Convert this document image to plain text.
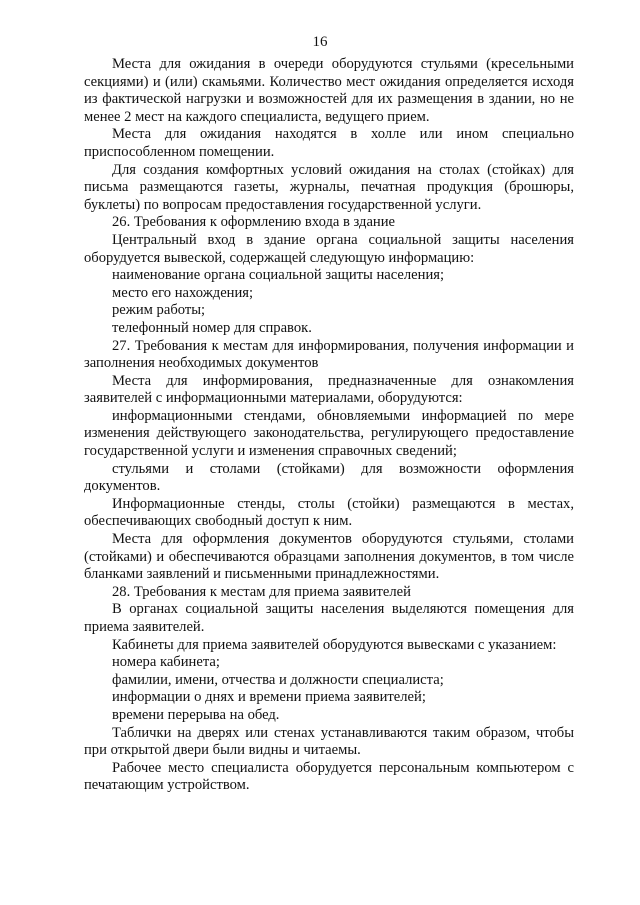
16

Места для ожидания в очереди оборудуются стульями (кресельными секциями) и (или) скамьями. Количество мест ожидания определяется исходя из фактической нагрузки и возможностей для их размещения в здании, но не менее 2 мест на каждого специалиста, ведущего прием.

Места для ожидания находятся в холле или ином специально приспособленном помещении.

Для создания комфортных условий ожидания на столах (стойках) для письма размещаются газеты, журналы, печатная продукция (брошюры, буклеты) по вопросам предоставления государственной услуги.

26. Требования к оформлению входа в здание

Центральный вход в здание органа социальной защиты населения оборудуется вывеской, содержащей следующую информацию:

наименование органа социальной защиты населения;

место его нахождения;

режим работы;

телефонный номер для справок.

27. Требования к местам для информирования, получения информации и заполнения необходимых документов

Места для информирования, предназначенные для ознакомления заявителей с информационными материалами, оборудуются:

информационными стендами, обновляемыми информацией по мере изменения действующего законодательства, регулирующего предоставление государственной услуги и изменения справочных сведений;

стульями и столами (стойками) для возможности оформления документов.

Информационные стенды, столы (стойки) размещаются в местах, обеспечивающих свободный доступ к ним.

Места для оформления документов оборудуются стульями, столами (стойками) и обеспечиваются образцами заполнения документов, в том числе бланками заявлений и письменными принадлежностями.

28. Требования к местам для приема заявителей

В органах социальной защиты населения выделяются помещения для приема заявителей.

Кабинеты для приема заявителей оборудуются вывесками с указанием:

номера кабинета;

фамилии, имени, отчества и должности специалиста;

информации о днях и времени приема заявителей;

времени перерыва на обед.

Таблички на дверях или стенах устанавливаются таким образом, чтобы при открытой двери были видны и читаемы.

Рабочее место специалиста оборудуется персональным компьютером с печатающим устройством.
